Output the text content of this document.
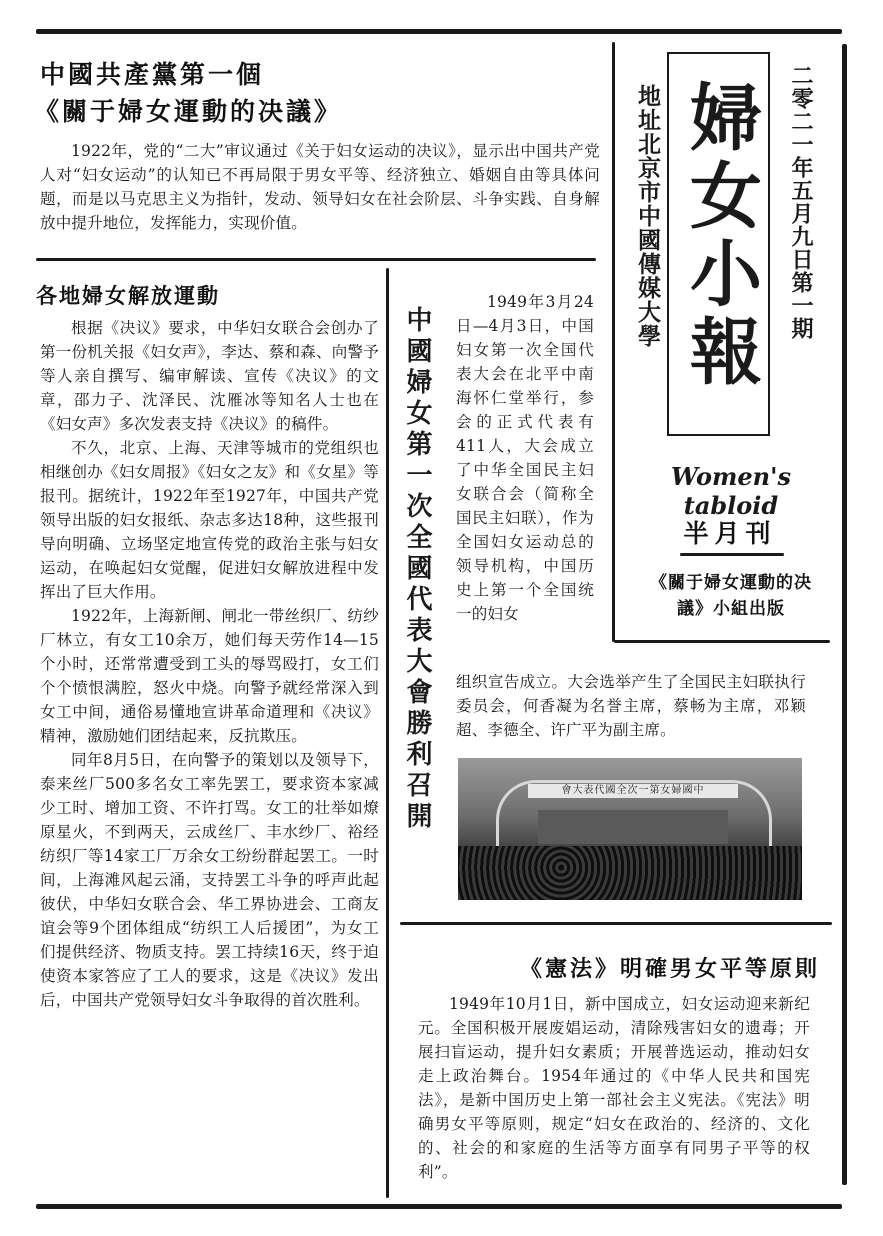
中國共產黨第一個
《關于婦女運動的决議》

1922年，党的“二大”审议通过《关于妇女运动的决议》，显示出中国共产党人对“妇女运动”的认知已不再局限于男女平等、经济独立、婚姻自由等具体问题，而是以马克思主义为指针，发动、领导妇女在社会阶层、斗争实践、自身解放中提升地位，发挥能力，实现价值。	婦女小報
地址北京市中國傳媒大學	二零二一年五月九日第一期
Women's tabloid
半月刊
《關于婦女運動的决議》小組出版
各地婦女解放運動

根据《决议》要求，中华妇女联合会创办了第一份机关报《妇女声》，李达、蔡和森、向警予等人亲自撰写、编审解读、宣传《决议》的文章，邵力子、沈泽民、沈雁冰等知名人士也在《妇女声》多次发表支持《决议》的稿件。

不久，北京、上海、天津等城市的党组织也相继创办《妇女周报》《妇女之友》和《女星》等报刊。据统计，1922年至1927年，中国共产党领导出版的妇女报纸、杂志多达18种，这些报刊导向明确、立场坚定地宣传党的政治主张与妇女运动，在唤起妇女觉醒，促进妇女解放进程中发挥出了巨大作用。

1922年，上海新闸、闸北一带丝织厂、纺纱厂林立，有女工10余万，她们每天劳作14—15个小时，还常常遭受到工头的辱骂殴打，女工们个个愤恨满腔，怒火中烧。向警予就经常深入到女工中间，通俗易懂地宣讲革命道理和《决议》精神，激励她们团结起来，反抗欺压。

同年8月5日，在向警予的策划以及领导下，泰来丝厂500多名女工率先罢工，要求资本家减少工时、增加工资、不许打骂。女工的壮举如燎原星火，不到两天，云成丝厂、丰水纱厂、裕经纺织厂等14家工厂万余女工纷纷群起罢工。一时间，上海滩风起云涌，支持罢工斗争的呼声此起彼伏，中华妇女联合会、华工界协进会、工商友谊会等9个团体组成“纺织工人后援团”，为女工们提供经济、物质支持。罢工持续16天，终于迫使资本家答应了工人的要求，这是《决议》发出后，中国共产党领导妇女斗争取得的首次胜利。

中國婦女第一次全國代表大會勝利召開

1949年3月24日—4月3日，中国妇女第一次全国代表大会在北平中南海怀仁堂举行，参会的正式代表有411人，大会成立了中华全国民主妇女联合会（简称全国民主妇联），作为全国妇女运动总的领导机构，中国历史上第一个全国统一的妇女

组织宣告成立。大会选举产生了全国民主妇联执行委员会，何香凝为名誉主席，蔡畅为主席，邓颖超、李德全、许广平为副主席。

會大表代國全次一第女婦國中
《憲法》明確男女平等原則

1949年10月1日，新中国成立，妇女运动迎来新纪元。全国积极开展废娼运动，清除残害妇女的遗毒；开展扫盲运动，提升妇女素质；开展普选运动，推动妇女走上政治舞台。1954年通过的《中华人民共和国宪法》，是新中国历史上第一部社会主义宪法。《宪法》明确男女平等原则，规定“妇女在政治的、经济的、文化的、社会的和家庭的生活等方面享有同男子平等的权利”。
